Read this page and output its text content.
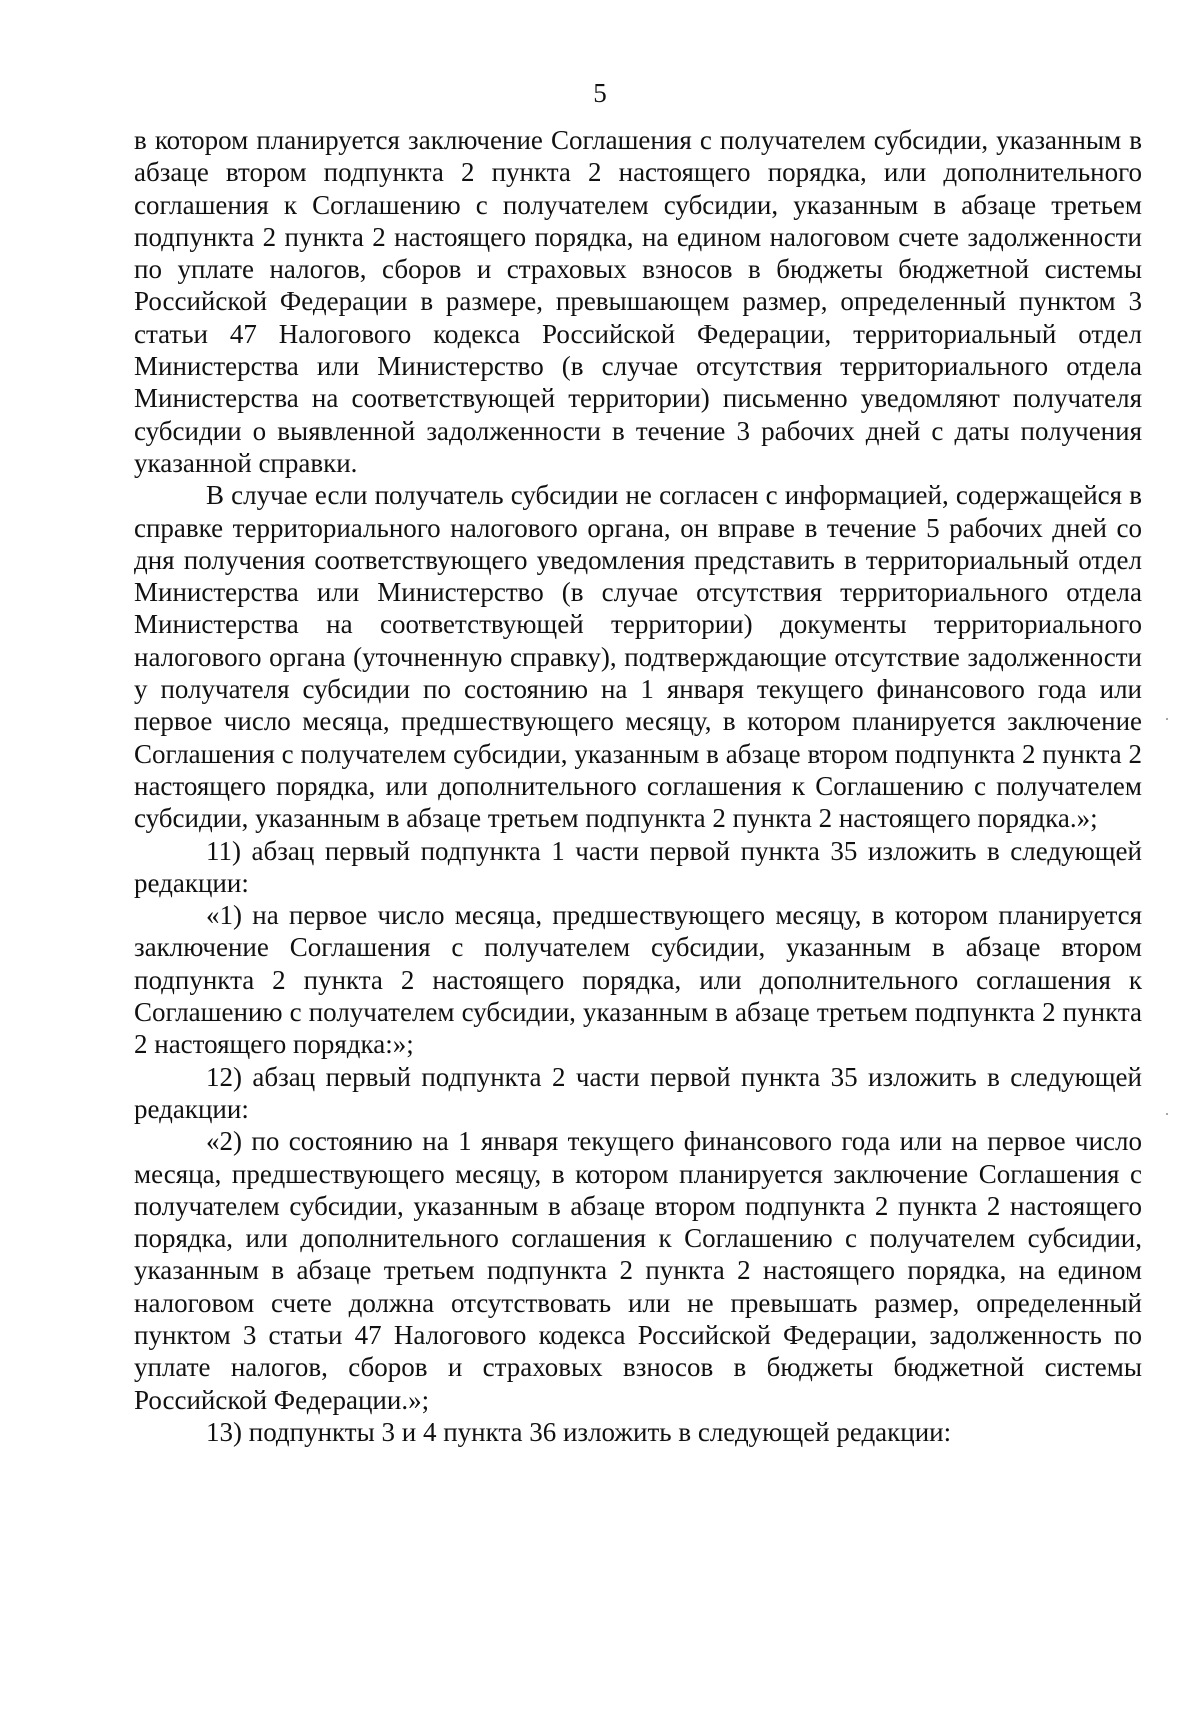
5

в котором планируется заключение Соглашения с получателем субсидии, указанным в абзаце втором подпункта 2 пункта 2 настоящего порядка, или дополнительного соглашения к Соглашению с получателем субсидии, указанным в абзаце третьем подпункта 2 пункта 2 настоящего порядка, на едином налоговом счете задолженности по уплате налогов, сборов и страховых взносов в бюджеты бюджетной системы Российской Федерации в размере, превышающем размер, определенный пунктом 3 статьи 47 Налогового кодекса Российской Федерации, территориальный отдел Министерства или Министерство (в случае отсутствия территориального отдела Министерства на соответствующей территории) письменно уведомляют получателя субсидии о выявленной задолженности в течение 3 рабочих дней с даты получения указанной справки.

В случае если получатель субсидии не согласен с информацией, содержащейся в справке территориального налогового органа, он вправе в течение 5 рабочих дней со дня получения соответствующего уведомления представить в территориальный отдел Министерства или Министерство (в случае отсутствия территориального отдела Министерства на соответствующей территории) документы территориального налогового органа (уточненную справку), подтверждающие отсутствие задолженности у получателя субсидии по состоянию на 1 января текущего финансового года или первое число месяца, предшествующего месяцу, в котором планируется заключение Соглашения с получателем субсидии, указанным в абзаце втором подпункта 2 пункта 2 настоящего порядка, или дополнительного соглашения к Соглашению с получателем субсидии, указанным в абзаце третьем подпункта 2 пункта 2 настоящего порядка.»;

11) абзац первый подпункта 1 части первой пункта 35 изложить в следующей редакции:

«1) на первое число месяца, предшествующего месяцу, в котором планируется заключение Соглашения с получателем субсидии, указанным в абзаце втором подпункта 2 пункта 2 настоящего порядка, или дополнительного соглашения к Соглашению с получателем субсидии, указанным в абзаце третьем подпункта 2 пункта 2 настоящего порядка:»;

12) абзац первый подпункта 2 части первой пункта 35 изложить в следующей редакции:

«2) по состоянию на 1 января текущего финансового года или на первое число месяца, предшествующего месяцу, в котором планируется заключение Соглашения с получателем субсидии, указанным в абзаце втором подпункта 2 пункта 2 настоящего порядка, или дополнительного соглашения к Соглашению с получателем субсидии, указанным в абзаце третьем подпункта 2 пункта 2 настоящего порядка, на едином налоговом счете должна отсутствовать или не превышать размер, определенный пунктом 3 статьи 47 Налогового кодекса Российской Федерации, задолженность по уплате налогов, сборов и страховых взносов в бюджеты бюджетной системы Российской Федерации.»;

13) подпункты 3 и 4 пункта 36 изложить в следующей редакции:
